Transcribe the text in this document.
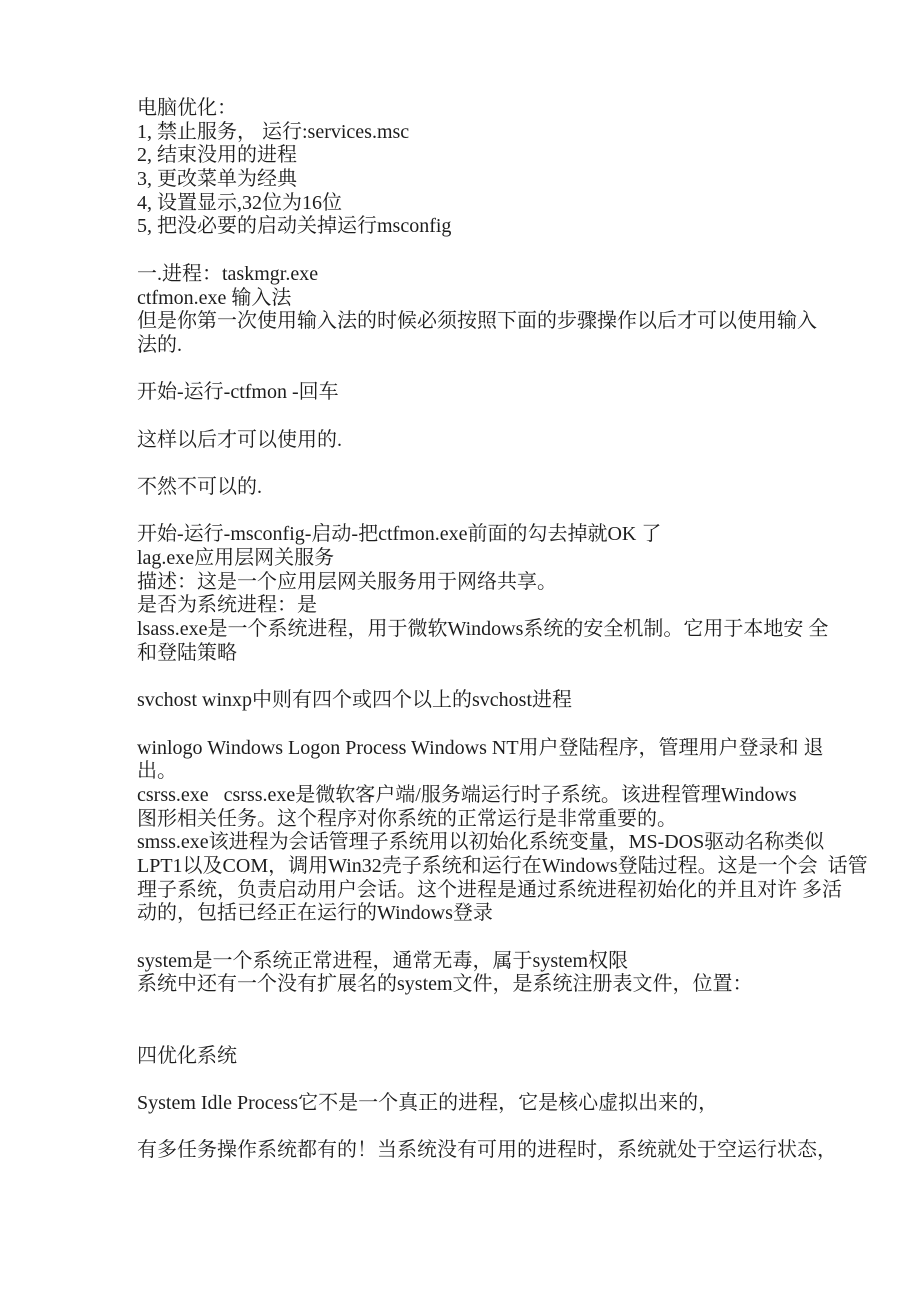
电脑优化：
1, 禁止服务， 运行:services.msc
2, 结束没用的进程
3, 更改菜单为经典
4, 设置显示,32位为16位
5, 把没必要的启动关掉运行msconfig
一.进程：taskmgr.exe
ctfmon.exe 输入法
但是你第一次使用输入法的时候必须按照下面的步骤操作以后才可以使用输入
法的.
开始-运行-ctfmon -回车
这样以后才可以使用的.
不然不可以的.
开始-运行-msconfig-启动-把ctfmon.exe前面的勾去掉就OK 了
lag.exe应用层网关服务
描述：这是一个应用层网关服务用于网络共享。
是否为系统进程：是
lsass.exe是一个系统进程，用于微软Windows系统的安全机制。它用于本地安 全
和登陆策略
svchost winxp中则有四个或四个以上的svchost进程
winlogo Windows Logon Process Windows NT用户登陆程序，管理用户登录和 退
出。
csrss.exe   csrss.exe是微软客户端/服务端运行时子系统。该进程管理Windows
图形相关任务。这个程序对你系统的正常运行是非常重要的。
smss.exe该进程为会话管理子系统用以初始化系统变量，MS-DOS驱动名称类似
LPT1以及COM，调用Win32壳子系统和运行在Windows登陆过程。这是一个会  话管
理子系统，负责启动用户会话。这个进程是通过系统进程初始化的并且对许 多活
动的，包括已经正在运行的Windows登录
system是一个系统正常进程，通常无毒，属于system权限
系统中还有一个没有扩展名的system文件，是系统注册表文件，位置：
四优化系统
System Idle Process它不是一个真正的进程，它是核心虚拟出来的，
有多任务操作系统都有的！当系统没有可用的进程时，系统就处于空运行状态，
